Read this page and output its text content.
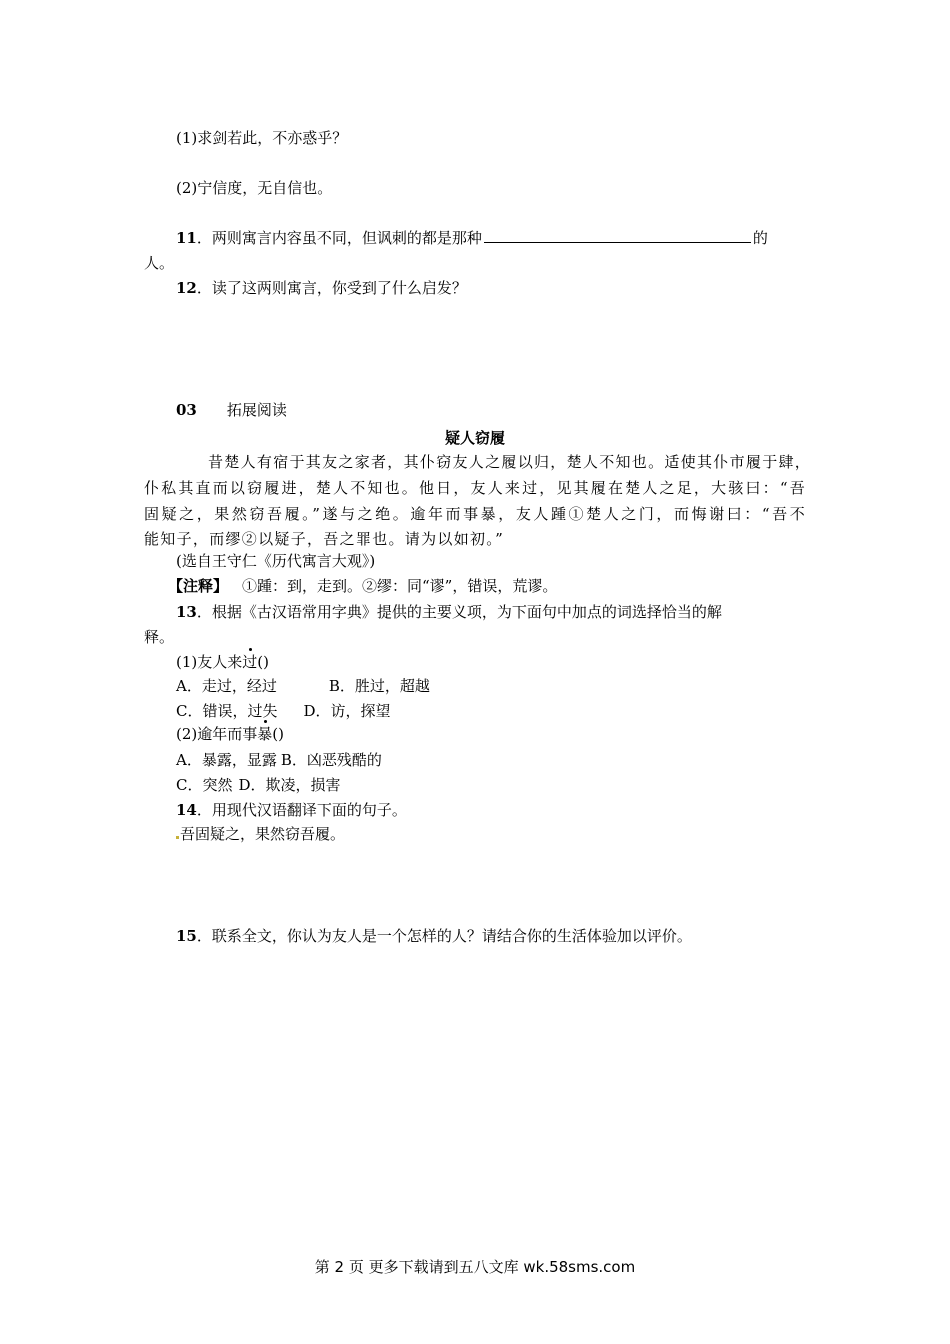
(1)求剑若此，不亦惑乎？
(2)宁信度，无自信也。
11．两则寓言内容虽不同，但讽刺的都是那种	的
人。
12．读了这两则寓言，你受到了什么启发？
03 拓展阅读
疑人窃履
昔楚人有宿于其友之家者，其仆窃友人之履以归，楚人不知也。适使其仆市履于肆，
仆私其直而以窃履进，楚人不知也。他日，友人来过，见其履在楚人之足，大骇曰：“吾
固疑之，果然窃吾履。”遂与之绝。逾年而事暴，友人踵①楚人之门，而悔谢曰：“吾不
能知子，而缪②以疑子，吾之罪也。请为以如初。”
(选自王守仁《历代寓言大观》)
【注释】 ①踵：到，走到。②缪：同“谬”，错误，荒谬。
13．根据《古汉语常用字典》提供的主要义项，为下面句中加点的词选择恰当的解
释。
(1)友人来过()
A．走过，经过	B．胜过，超越
C．错误，过失 D．访，探望
(2)逾年而事暴()
A．暴露，显露 B．凶恶残酷的
C．突然 D．欺凌，损害
14．用现代汉语翻译下面的句子。
吾固疑之，果然窃吾履。
15．联系全文，你认为友人是一个怎样的人？请结合你的生活体验加以评价。
第 2 页 更多下载请到五八文库 wk.58sms.com
